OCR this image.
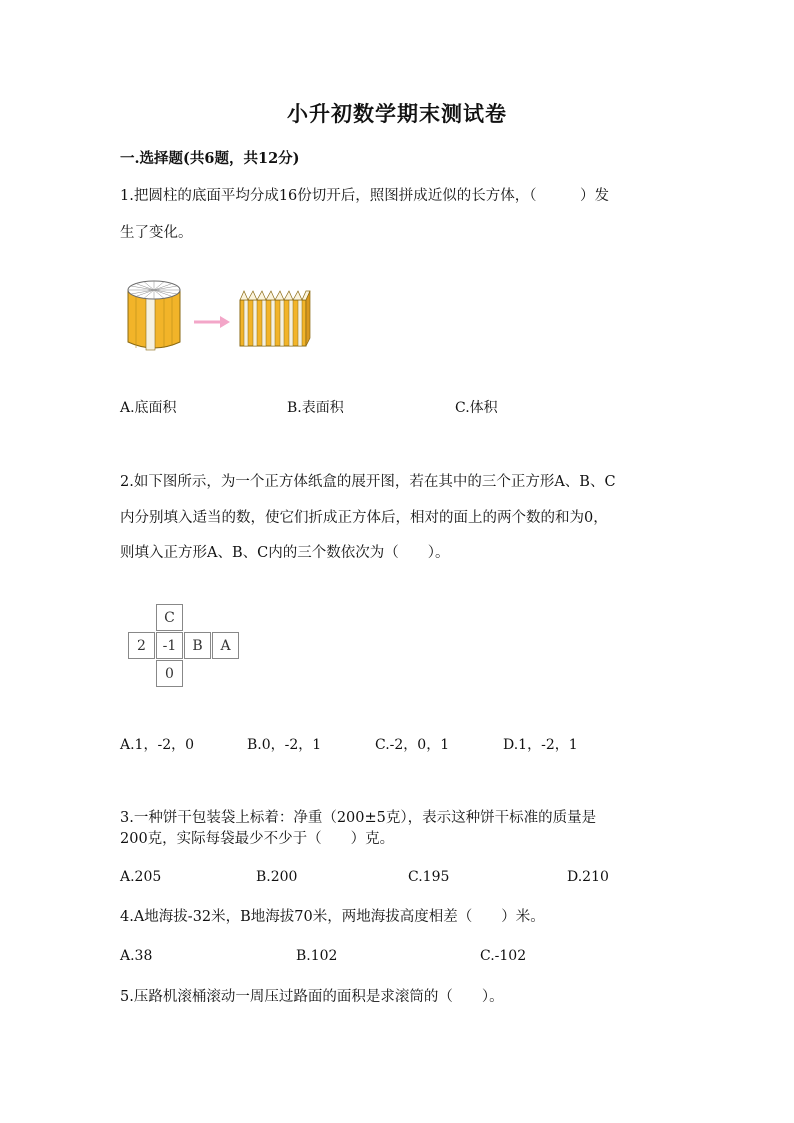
小升初数学期末测试卷
一.选择题(共6题，共12分)
1.把圆柱的底面平均分成16份切开后，照图拼成近似的长方体，（　　　）发
生了变化。
A.底面积	B.表面积	C.体积
2.如下图所示，为一个正方体纸盒的展开图，若在其中的三个正方形A、B、C
内分别填入适当的数，使它们折成正方体后，相对的面上的两个数的和为0，
则填入正方形A、B、C内的三个数依次为（　　）。
C
2	-1	B	A
0
A.1，-2，0	B.0，-2，1	C.-2，0，1	D.1，-2，1
3.一种饼干包装袋上标着：净重（200±5克），表示这种饼干标准的质量是
200克，实际每袋最少不少于（　　）克。
A.205	B.200	C.195	D.210
4.A地海拔-32米，B地海拔70米，两地海拔高度相差（　　）米。
A.38	B.102	C.-102
5.压路机滚桶滚动一周压过路面的面积是求滚筒的（　　）。
